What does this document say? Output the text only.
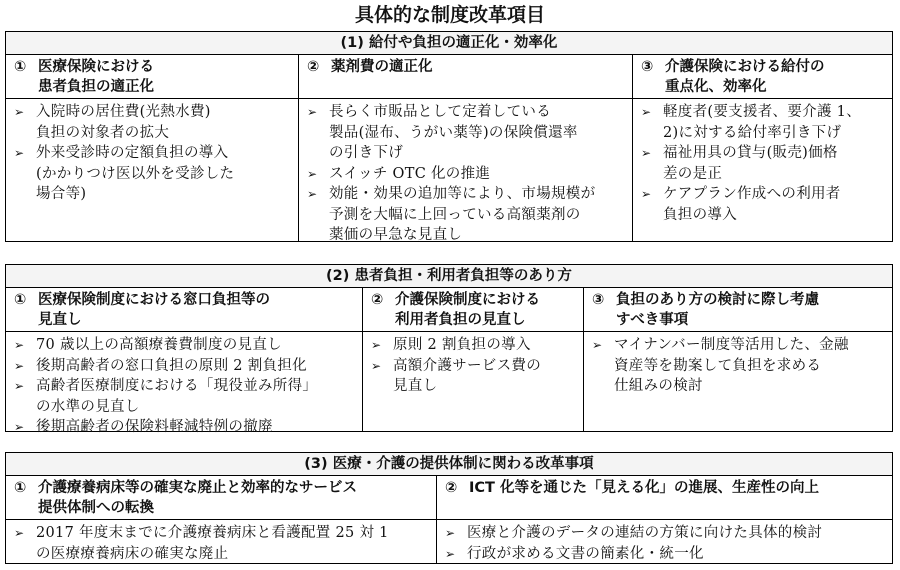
具体的な制度改革項目
(1) 給付や負担の適正化・効率化
① 医療保険における
患者負担の適正化
➢ 入院時の居住費(光熱水費)
負担の対象者の拡大
➢ 外来受診時の定額負担の導入
(かかりつけ医以外を受診した
場合等)
② 薬剤費の適正化
➢ 長らく市販品として定着している
製品(湿布、うがい薬等)の保険償還率
の引き下げ
➢ スイッチ OTC 化の推進
➢ 効能・効果の追加等により、市場規模が
予測を大幅に上回っている高額薬剤の
薬価の早急な見直し
③ 介護保険における給付の
重点化、効率化
➢ 軽度者(要支援者、要介護 1、
2)に対する給付率引き下げ
➢ 福祉用具の貸与(販売)価格
差の是正
➢ ケアプラン作成への利用者
負担の導入
(2) 患者負担・利用者負担等のあり方
① 医療保険制度における窓口負担等の
見直し
➢ 70 歳以上の高額療養費制度の見直し
➢ 後期高齢者の窓口負担の原則 2 割負担化
➢ 高齢者医療制度における「現役並み所得」
の水準の見直し
➢ 後期高齢者の保険料軽減特例の撤廃
② 介護保険制度における
利用者負担の見直し
➢ 原則 2 割負担の導入
➢ 高額介護サービス費の
見直し
③ 負担のあり方の検討に際し考慮
すべき事項
➢ マイナンバー制度等活用した、金融
資産等を勘案して負担を求める
仕組みの検討
(3) 医療・介護の提供体制に関わる改革事項
① 介護療養病床等の確実な廃止と効率的なサービス
提供体制への転換
➢ 2017 年度末までに介護療養病床と看護配置 25 対 1
の医療療養病床の確実な廃止
② ICT 化等を通じた「見える化」の進展、生産性の向上
➢ 医療と介護のデータの連結の方策に向けた具体的検討
➢ 行政が求める文書の簡素化・統一化
